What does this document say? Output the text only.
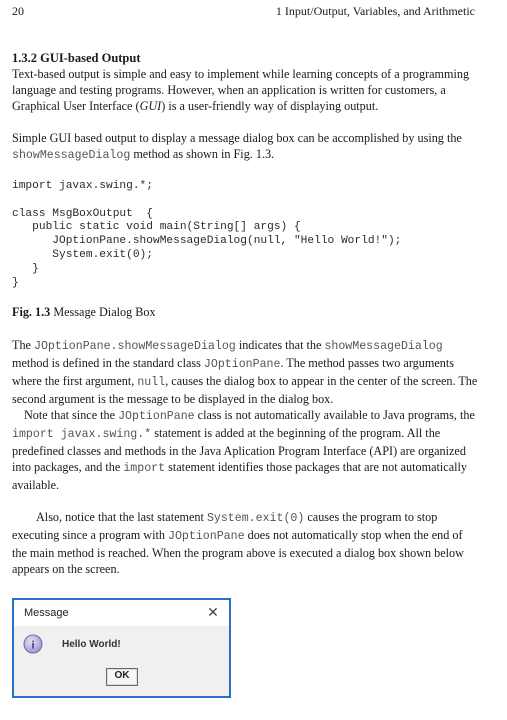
20	1 Input/Output, Variables, and Arithmetic

1.3.2 GUI-based Output

Text-based output is simple and easy to implement while learning concepts of a programming language and testing programs. However, when an application is written for customers, a Graphical User Interface (GUI) is a user-friendly way of displaying output.

Simple GUI based output to display a message dialog box can be accomplished by using the showMessageDialog method as shown in Fig. 1.3.

import javax.swing.*;
class MsgBoxOutput  {
public static void main(String[] args) {
JOptionPane.showMessageDialog(null, "Hello World!");
System.exit(0);
}
}

Fig. 1.3 Message Dialog Box

The JOptionPane.showMessageDialog indicates that the showMessageDialog method is defined in the standard class JOptionPane. The method passes two arguments where the first argument, null, causes the dialog box to appear in the center of the screen. The second argument is the message to be displayed in the dialog box.

Note that since the JOptionPane class is not automatically available to Java programs, the import javax.swing.* statement is added at the beginning of the program. All the predefined classes and methods in the Java Aplication Program Interface (API) are organized into packages, and the import statement identifies those packages that are not automatically available.

Also, notice that the last statement System.exit(0) causes the program to stop executing since a program with JOptionPane does not automatically stop when the end of the main method is reached. When the program above is executed a dialog box shown below appears on the screen.

Message	✕
i	Hello World!
OK
